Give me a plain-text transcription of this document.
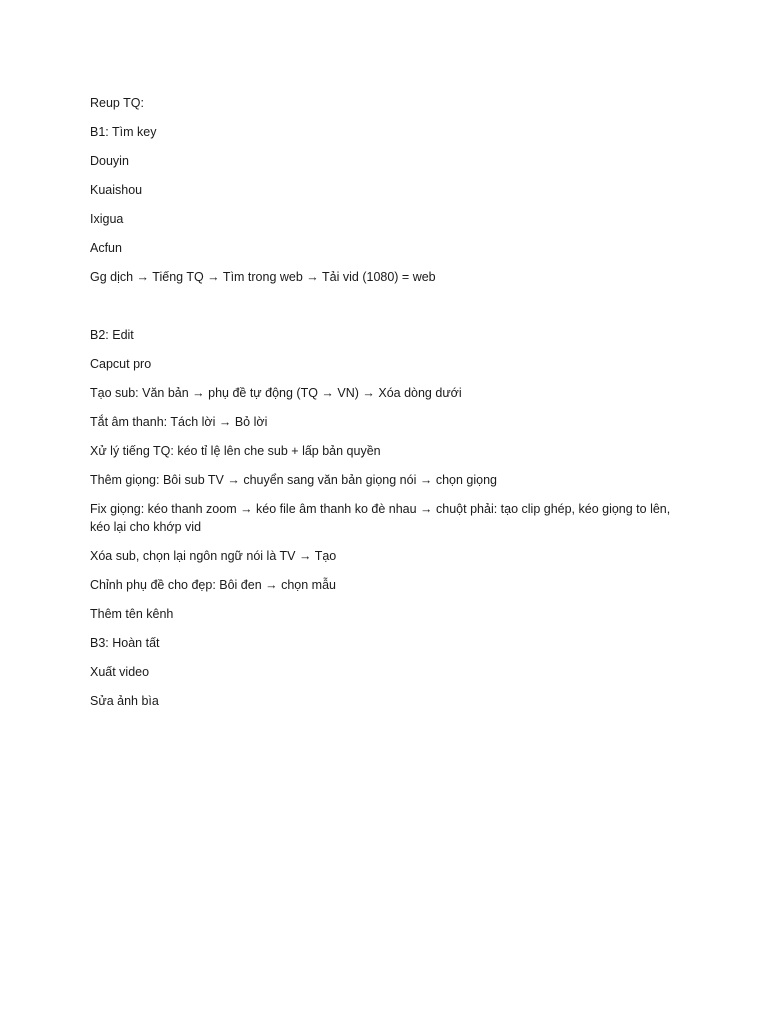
Reup TQ:

B1: Tìm key

Douyin

Kuaishou

Ixigua

Acfun

Gg dịch → Tiếng TQ → Tìm trong web → Tải vid (1080) = web

B2: Edit

Capcut pro

Tạo sub: Văn bản → phụ đề tự động (TQ → VN) → Xóa dòng dưới

Tắt âm thanh: Tách lời → Bỏ lời

Xử lý tiếng TQ: kéo tỉ lệ lên che sub + lấp bản quyền

Thêm giọng: Bôi sub TV → chuyển sang văn bản giọng nói → chọn giọng

Fix giọng: kéo thanh zoom → kéo file âm thanh ko đè nhau → chuột phải: tạo clip ghép, kéo giọng to lên, kéo lại cho khớp vid

Xóa sub, chọn lại ngôn ngữ nói là TV → Tạo

Chỉnh phụ đề cho đẹp: Bôi đen → chọn mẫu

Thêm tên kênh

B3: Hoàn tất

Xuất video

Sửa ảnh bìa
